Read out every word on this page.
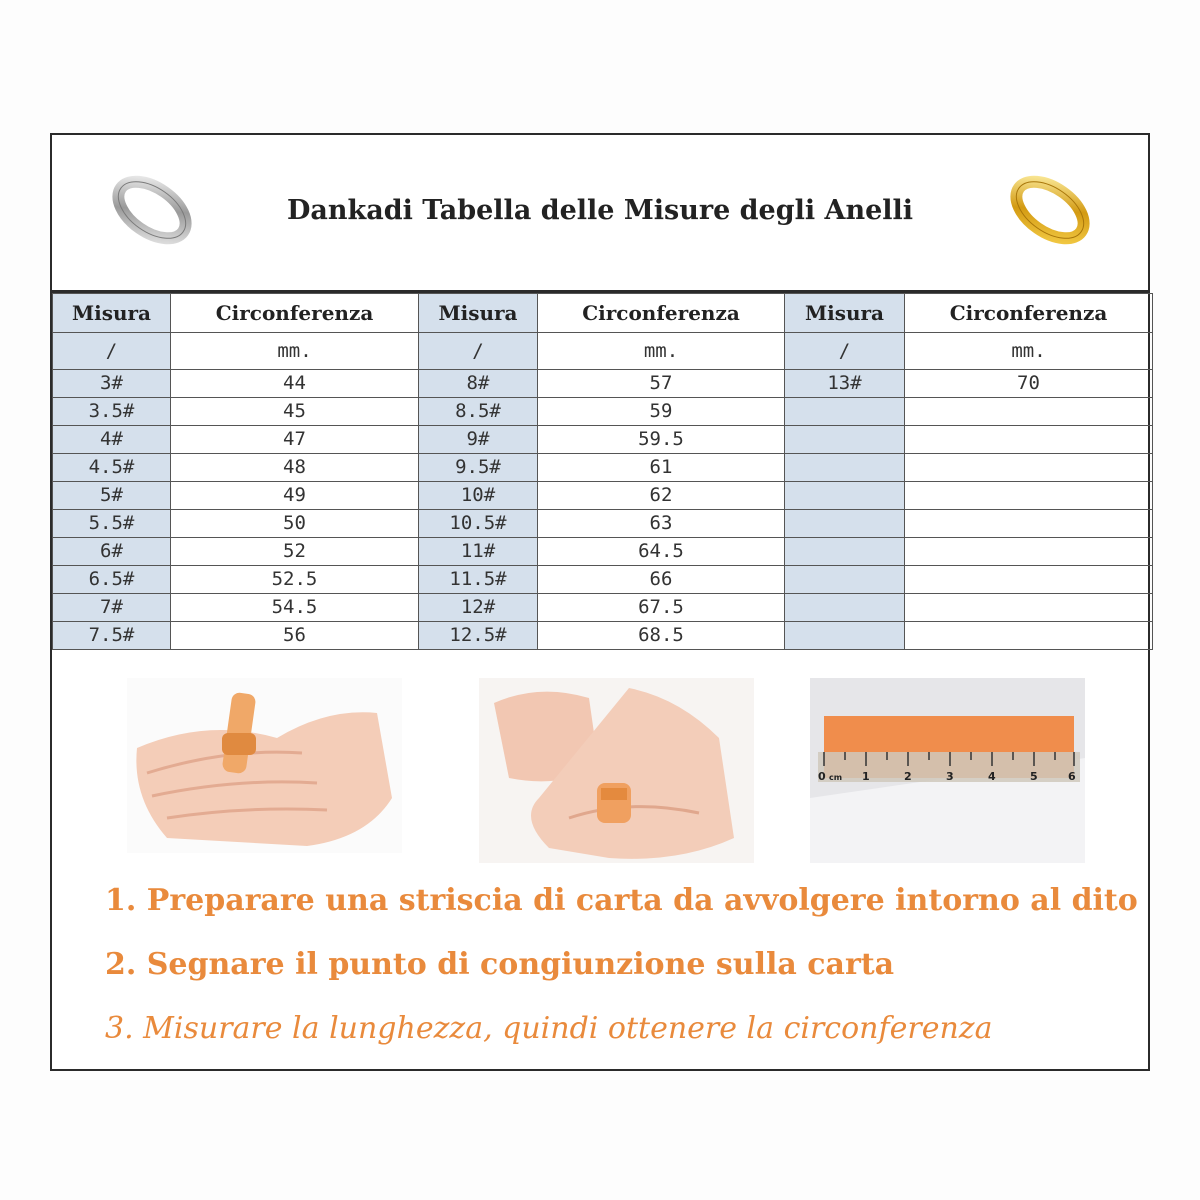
Dankadi Tabella delle Misure degli Anelli
Misura	Circonferenza	Misura	Circonferenza	Misura	Circonferenza
/	mm.	/	mm.	/	mm.
3#	44	8#	57	13#	70
3.5#	45	8.5#	59		
4#	47	9#	59.5		
4.5#	48	9.5#	61		
5#	49	10#	62		
5.5#	50	10.5#	63		
6#	52	11#	64.5		
6.5#	52.5	11.5#	66		
7#	54.5	12#	67.5		
7.5#	56	12.5#	68.5		
0 cm 1	2	3	4	5	6
1. Preparare una striscia di carta da avvolgere intorno al dito
2. Segnare il punto di congiunzione sulla carta
3. Misurare la lunghezza, quindi ottenere la circonferenza
